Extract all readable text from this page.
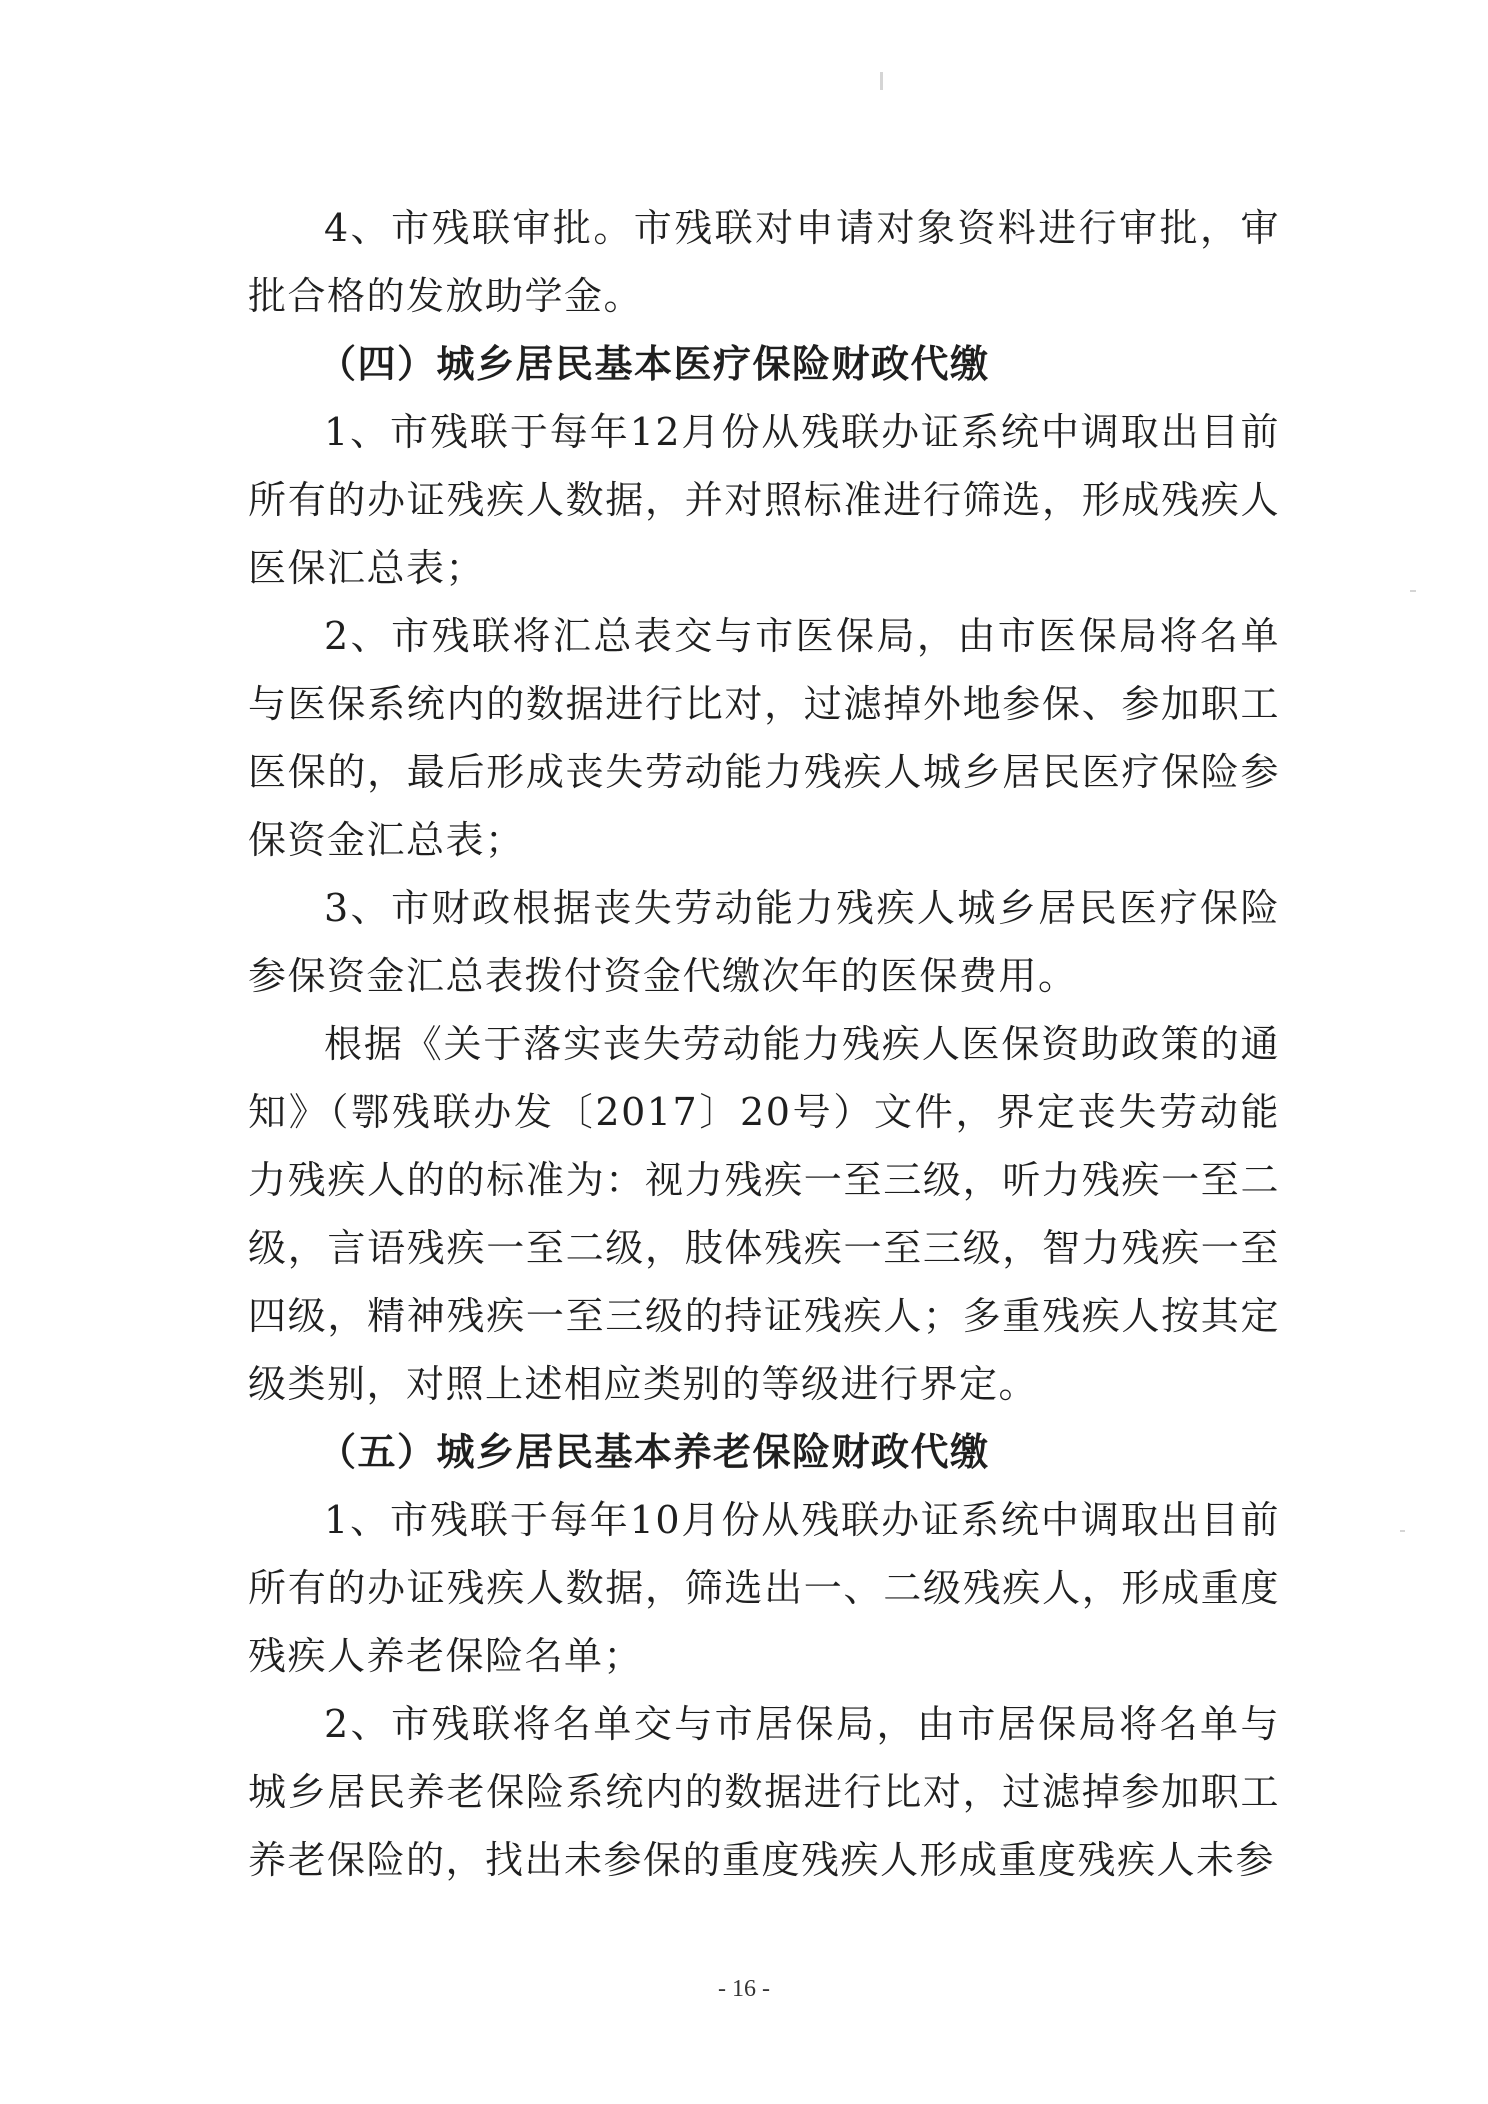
4、市残联审批。市残联对申请对象资料进行审批，审批合格的发放助学金。

（四）城乡居民基本医疗保险财政代缴

1、市残联于每年12月份从残联办证系统中调取出目前所有的办证残疾人数据，并对照标准进行筛选，形成残疾人医保汇总表；

2、市残联将汇总表交与市医保局，由市医保局将名单与医保系统内的数据进行比对，过滤掉外地参保、参加职工医保的，最后形成丧失劳动能力残疾人城乡居民医疗保险参保资金汇总表；

3、市财政根据丧失劳动能力残疾人城乡居民医疗保险参保资金汇总表拨付资金代缴次年的医保费用。

根据《关于落实丧失劳动能力残疾人医保资助政策的通知》（鄂残联办发〔2017〕20号）文件，界定丧失劳动能力残疾人的的标准为：视力残疾一至三级，听力残疾一至二级，言语残疾一至二级，肢体残疾一至三级，智力残疾一至四级，精神残疾一至三级的持证残疾人；多重残疾人按其定级类别，对照上述相应类别的等级进行界定。

（五）城乡居民基本养老保险财政代缴

1、市残联于每年10月份从残联办证系统中调取出目前所有的办证残疾人数据，筛选出一、二级残疾人，形成重度残疾人养老保险名单；

2、市残联将名单交与市居保局，由市居保局将名单与城乡居民养老保险系统内的数据进行比对，过滤掉参加职工养老保险的，找出未参保的重度残疾人形成重度残疾人未参

- 16 -
